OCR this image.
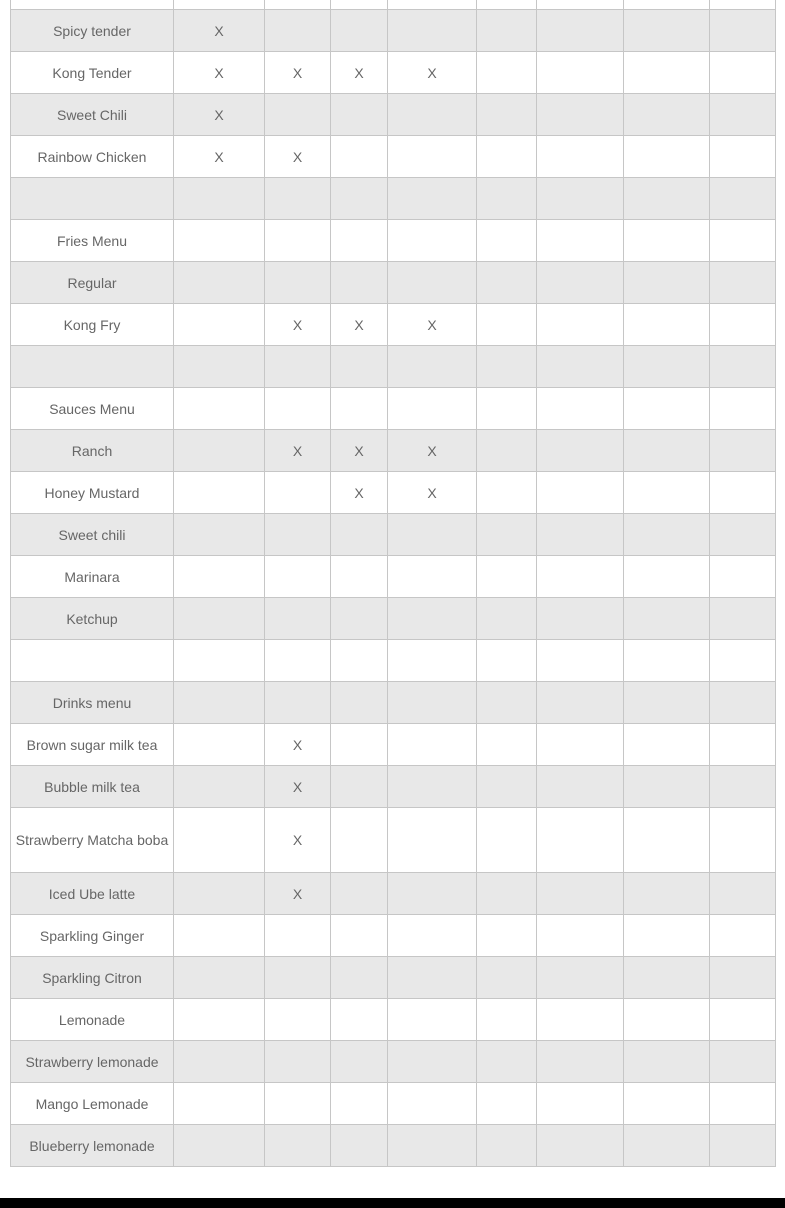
Spicy tender	X							
Kong Tender	X	X	X	X				
Sweet Chili	X							
Rainbow Chicken	X	X						

Fries Menu								
Regular								
Kong Fry		X	X	X				

Sauces Menu								
Ranch		X	X	X				
Honey Mustard			X	X				
Sweet chili								
Marinara								
Ketchup								

Drinks menu								
Brown sugar milk tea		X						
Bubble milk tea		X						
Strawberry Matcha boba		X						
Iced Ube latte		X						
Sparkling Ginger								
Sparkling Citron								
Lemonade								
Strawberry lemonade								
Mango Lemonade								
Blueberry lemonade								
